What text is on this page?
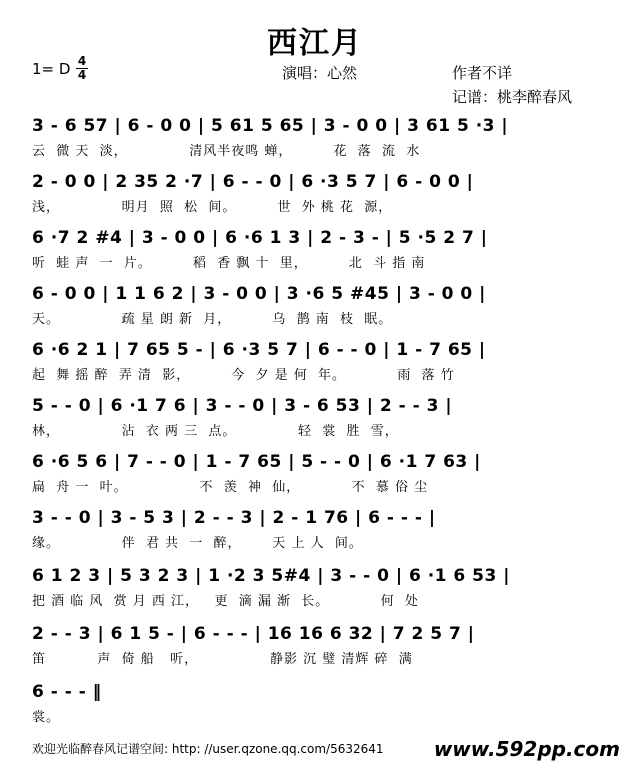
西江月
1= D 4
4	演唱：心然	作者不详
记谱：桃李醉春风
3 - 6 57 | 6 - 0 0 | 5 61 5 65 | 3 - 0 0 | 3 61 5 ·3 |
云  微 天  淡，            清风半夜鸣 蝉，        花  落  流  水
2 - 0 0 | 2 35 2 ·7 | 6 - - 0 | 6 ·3 5 7 | 6 - 0 0 |
浅，            明月  照  松  间。        世  外 桃 花  源，
6 ·7 2 #4 | 3 - 0 0 | 6 ·6 1 3 | 2 - 3 - | 5 ·5 2 7 |
听  蛙 声  一  片。        稻  香 飘 十  里，        北  斗 指 南
6 - 0 0 | 1 1 6 2 | 3 - 0 0 | 3 ·6 5 #45 | 3 - 0 0 |
天。            疏 星 朗 新  月，        乌  鹊 南  枝  眠。
6 ·6 2 1 | 7 65 5 - | 6 ·3 5 7 | 6 - - 0 | 1 - 7 65 |
起  舞 摇 醉  弄 清  影，        今  夕 是 何  年。          雨  落 竹
5 - - 0 | 6 ·1 7 6 | 3 - - 0 | 3 - 6 53 | 2 - - 3 |
林，            沾  衣 两 三  点。            轻  裳  胜  雪，
6 ·6 5 6 | 7 - - 0 | 1 - 7 65 | 5 - - 0 | 6 ·1 7 63 |
扁  舟 一  叶。              不  羡  神  仙，          不  慕 俗 尘
3 - - 0 | 3 - 5 3 | 2 - - 3 | 2 - 1 76 | 6 - - - |
缘。            伴  君 共  一  醉，      天 上 人  间。
6 1 2 3 | 5 3 2 3 | 1 ·2 3 5#4 | 3 - - 0 | 6 ·1 6 53 |
把 酒 临 风  赏 月 西 江，   更  滴 漏 渐  长。          何  处
2 - - 3 | 6 1 5 - | 6 - - - | 16 16 6 32 | 7 2 5 7 |
笛          声  倚 船   听，              静影 沉 璧 清辉 碎  满
6 - - - ‖
裳。
欢迎光临醉春风记谱空间: http: //user.qzone.qq.com/5632641	www.592pp.com
